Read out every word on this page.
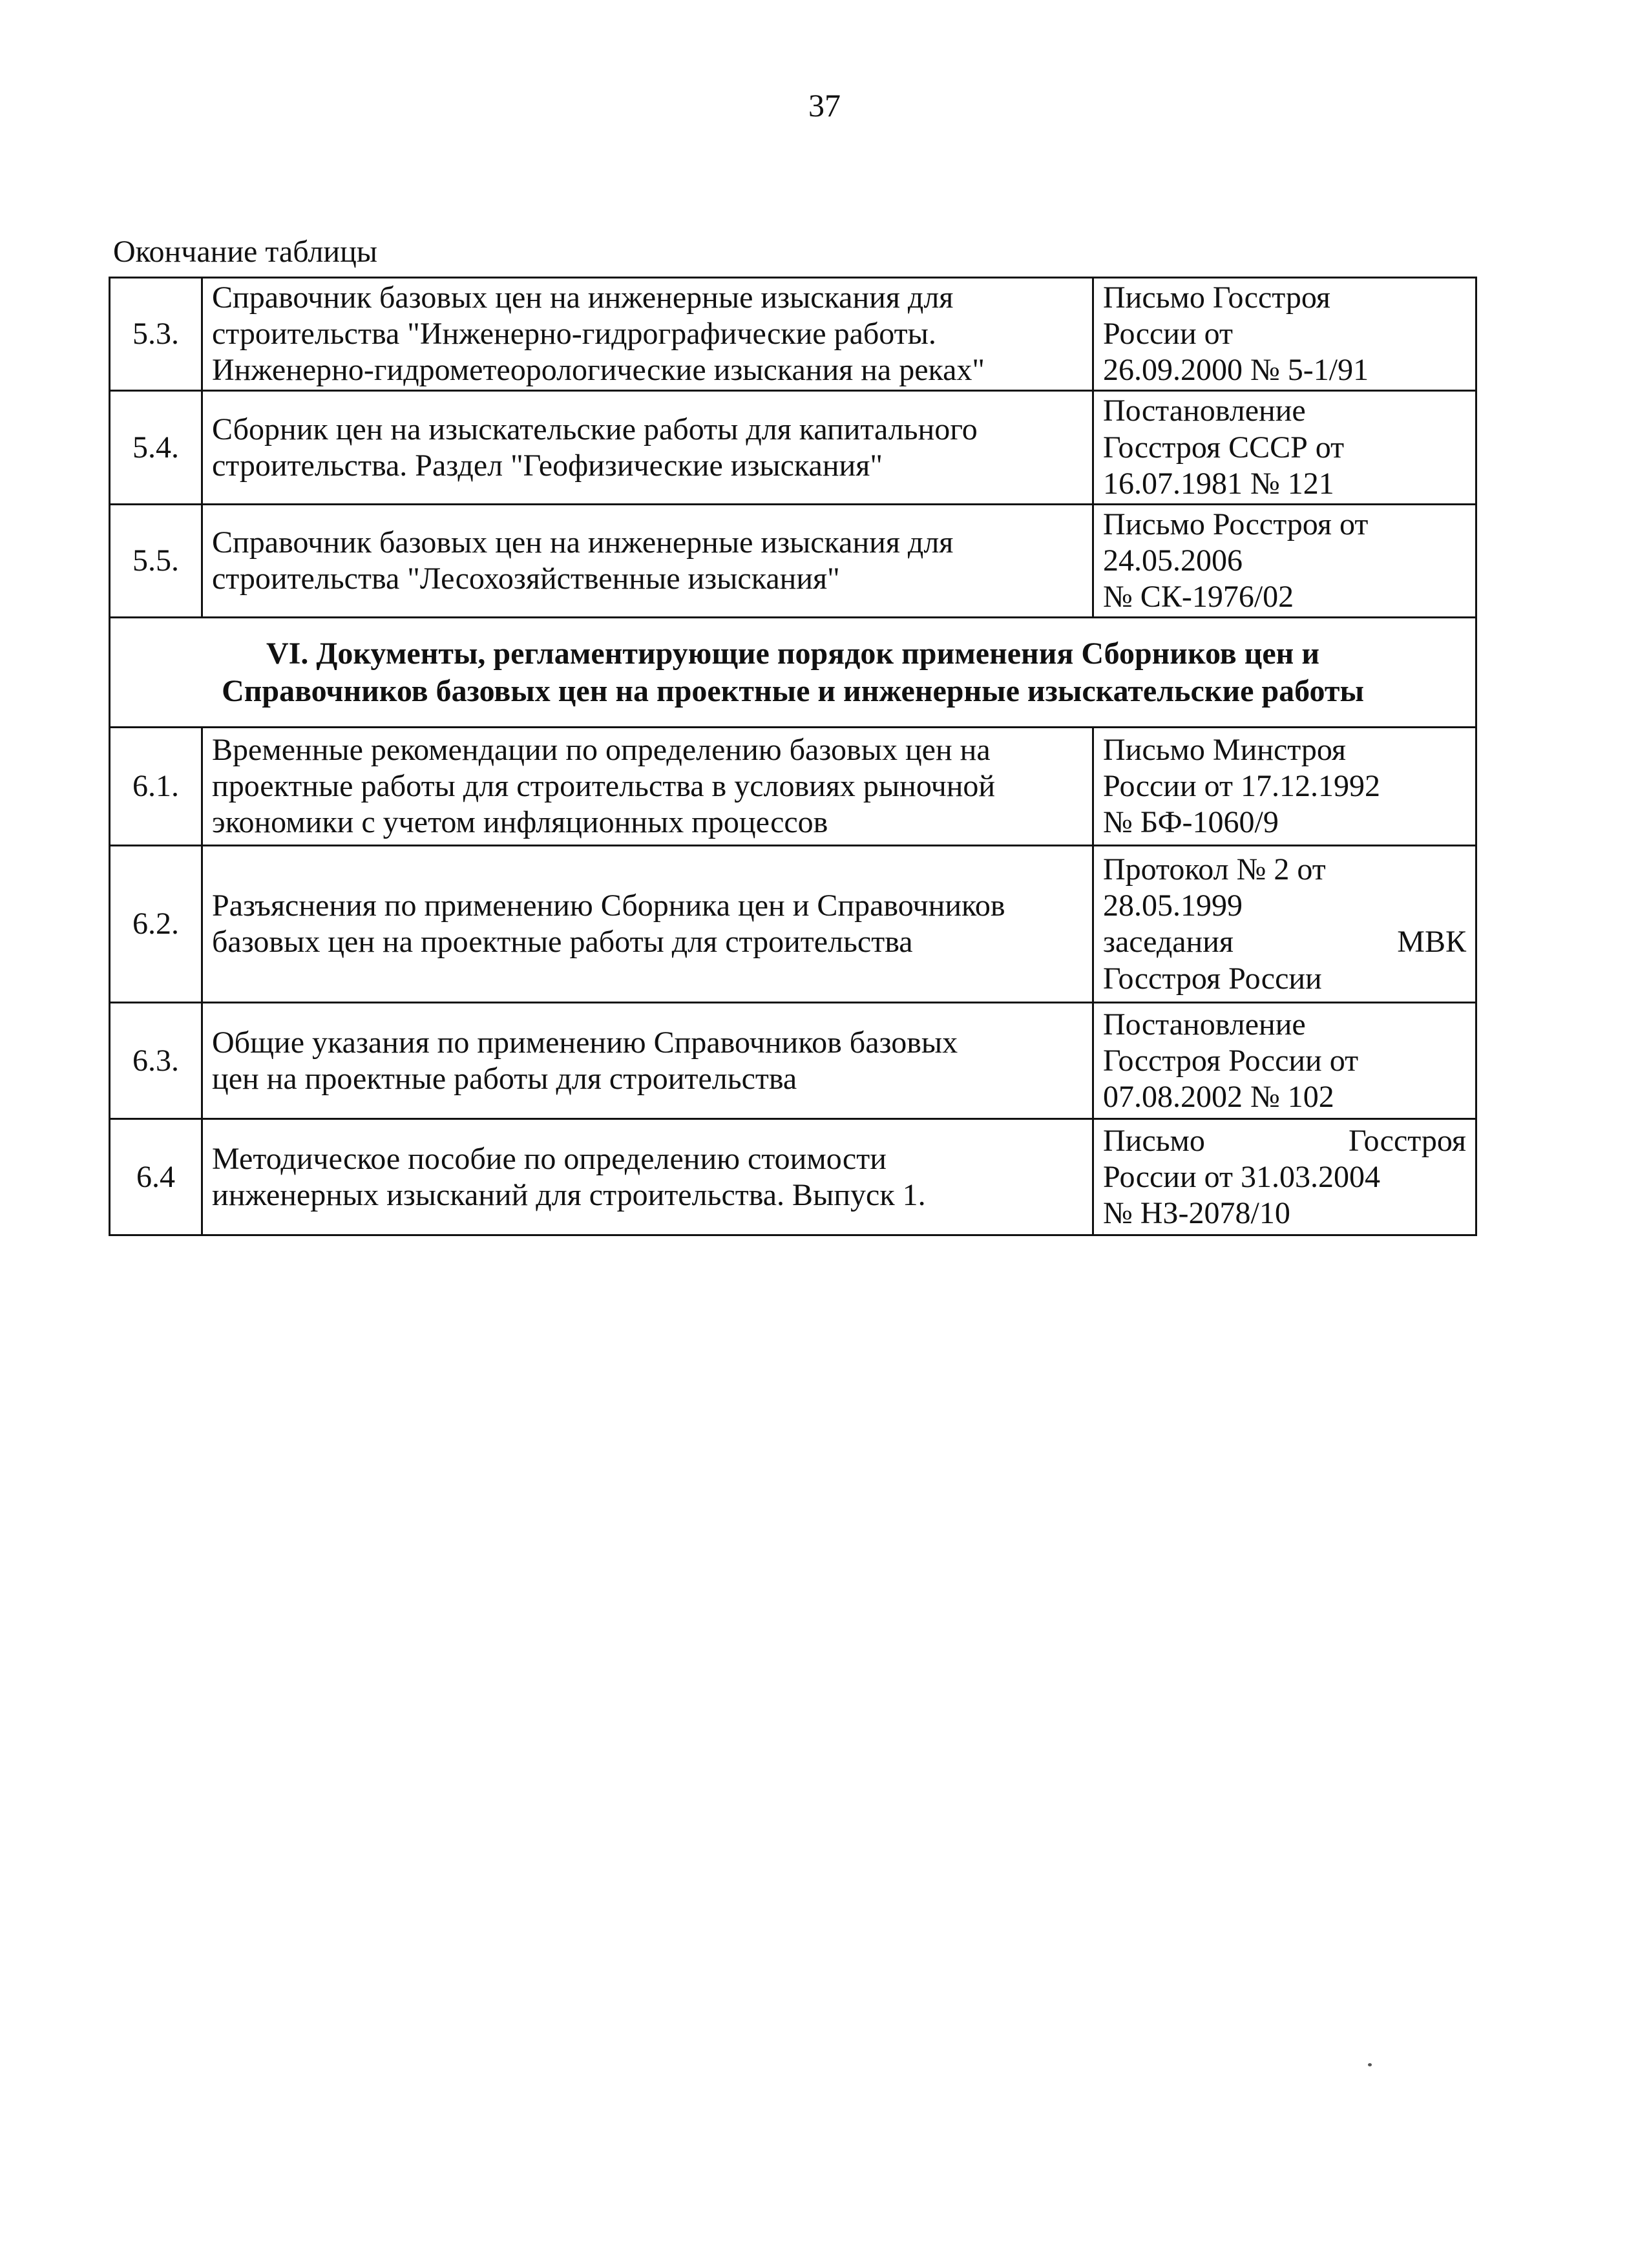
37
Окончание таблицы
5.3.	Справочник базовых цен на инженерные изыскания для
строительства "Инженерно-гидрографические работы.
Инженерно-гидрометеорологические изыскания на реках"	Письмо Госстроя
России от
26.09.2000 № 5-1/91

5.4.	Сборник цен на изыскательские работы для капитального
строительства. Раздел "Геофизические изыскания"	Постановление
Госстроя СССР от
16.07.1981 № 121

5.5.	Справочник базовых цен на инженерные изыскания для
строительства "Лесохозяйственные изыскания"	Письмо Росстроя от
24.05.2006
№ СК-1976/02

VI. Документы, регламентирующие порядок применения Сборников цен и
Справочников базовых цен на проектные и инженерные изыскательские работы		

6.1.	Временные рекомендации по определению базовых цен на
проектные работы для строительства в условиях рыночной
экономики с учетом инфляционных процессов	Письмо Минстроя
России от 17.12.1992
№ БФ-1060/9

6.2.	Разъяснения по применению Сборника цен и Справочников
базовых цен на проектные работы для строительства	Протокол № 2 от
28.05.1999
заседания МВК
Госстроя России

6.3.	Общие указания по применению Справочников базовых
цен на проектные работы для строительства	Постановление
Госстроя России от
07.08.2002 № 102

6.4	Методическое пособие по определению стоимости
инженерных изысканий для строительства. Выпуск 1.	Письмо Госстроя
России от 31.03.2004
№ НЗ-2078/10
